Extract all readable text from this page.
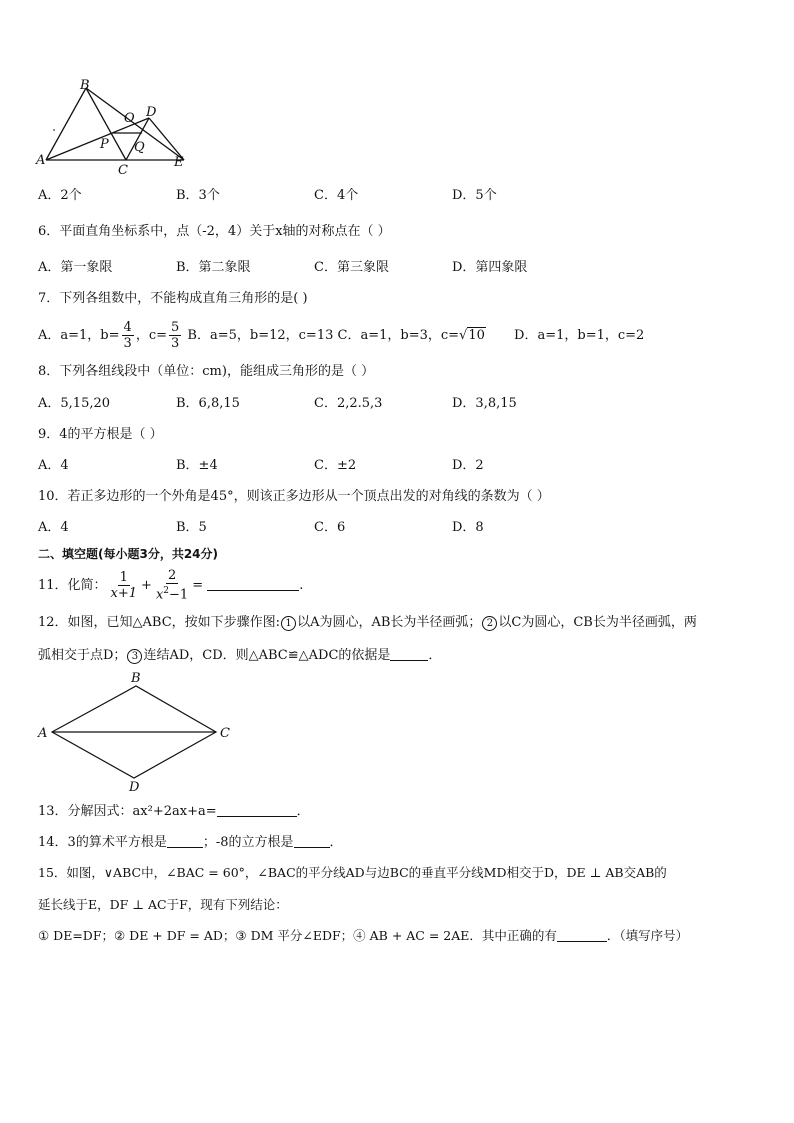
B
D
O
P Q
A
C
E
A．2个	B．3个	C．4个	D．5个
6．平面直角坐标系中，点（-2，4）关于x轴的对称点在（ ）
A．第一象限	B．第二象限	C．第三象限	D．第四象限
7．下列各组数中，不能构成直角三角形的是( )
A．a=1，$b= \frac{4}{3}$ ，$c= \frac{5}{3}$ B．a=5，b=12，c=13 C．a=1，b=3，c=√10 D．a=1，b=1，c=2
8．下列各组线段中（单位：cm)，能组成三角形的是（ ）
A．5,15,20	B．6,8,15	C．2,2.5,3	D．3,8,15
9．4的平方根是（ ）
A．4	B．±4	C．±2	D．2
10．若正多边形的一个外角是45°，则该正多边形从一个顶点出发的对角线的条数为（ ）
A．4	B．5	C．6	D．8
二、填空题(每小题3分，共24分)
11．化简： $\frac{1}{x+1} + \frac{2}{x^2-1}$ =	.
12．如图，已知△ABC，按如下步骤作图: 1 以A为圆心，AB长为半径画弧； 2 以C为圆心，CB长为半径画弧，两
弧相交于点D； 3 连结AD，CD．则△ABC≌△ADC的依据是	．
B
A	C
D
13．分解因式：ax²+2ax+a=	．
14．3的算术平方根是	；-8的立方根是	．
15．如图，∨ABC中，∠BAC = 60°，∠BAC的平分线AD与边BC的垂直平分线MD相交于D，DE ⊥ AB交AB的
延长线于E，DF ⊥ AC于F，现有下列结论：
① DE=DF；② DE + DF = AD；③ DM 平分∠EDF；④ AB + AC = 2AE．其中正确的有	．（填写序号）
